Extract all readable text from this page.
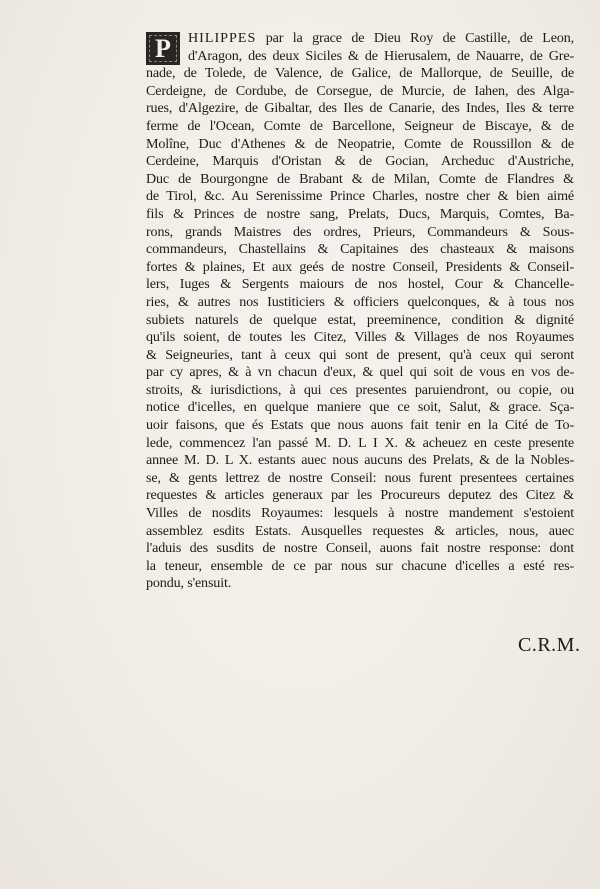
P	HILIPPES par la grace de Dieu Roy de Castille, de Leon,
d'Aragon, des deux Siciles & de Hierusalem, de Nauarre, de Gre-
nade, de Tolede, de Valence, de Galice, de Mallorque, de Seuille, de
Cerdeigne, de Cordube, de Corsegue, de Murcie, de Iahen, des Alga-
rues, d'Algezire, de Gibaltar, des Iles de Canarie, des Indes, Iles & terre
ferme de l'Ocean, Comte de Barcellone, Seigneur de Biscaye, & de
Molîne, Duc d'Athenes & de Neopatrie, Comte de Roussillon & de
Cerdeine, Marquis d'Oristan & de Gocian, Archeduc d'Austriche,
Duc de Bourgongne de Brabant & de Milan, Comte de Flandres &
de Tirol, &c. Au Serenissime Prince Charles, nostre cher & bien aimé
fils & Princes de nostre sang, Prelats, Ducs, Marquis, Comtes, Ba-
rons, grands Maistres des ordres, Prieurs, Commandeurs & Sous-
commandeurs, Chastellains & Capitaines des chasteaux & maisons
fortes & plaines, Et aux geés de nostre Conseil, Presidents & Conseil-
lers, Iuges & Sergents maiours de nos hostel, Cour & Chancelle-
ries, & autres nos Iustiticiers & officiers quelconques, & à tous nos
subiets naturels de quelque estat, preeminence, condition & dignité
qu'ils soient, de toutes les Citez, Villes & Villages de nos Royaumes
& Seigneuries, tant à ceux qui sont de present, qu'à ceux qui seront
par cy apres, & à vn chacun d'eux, & quel qui soit de vous en vos de-
stroits, & iurisdictions, à qui ces presentes paruiendront, ou copie, ou
notice d'icelles, en quelque maniere que ce soit, Salut, & grace. Sça-
uoir faisons, que és Estats que nous auons fait tenir en la Cité de To-
lede, commencez l'an passé M. D. L I X. & acheuez en ceste presente
annee M. D. L X. estants auec nous aucuns des Prelats, & de la Nobles-
se, & gents lettrez de nostre Conseil: nous furent presentees certaines
requestes & articles generaux par les Procureurs deputez des Citez &
Villes de nosdits Royaumes: lesquels à nostre mandement s'estoient
assemblez esdits Estats. Ausquelles requestes & articles, nous, auec
l'aduis des susdits de nostre Conseil, auons fait nostre response: dont
la teneur, ensemble de ce par nous sur chacune d'icelles a esté res-
pondu, s'ensuit.
C.R.M.
